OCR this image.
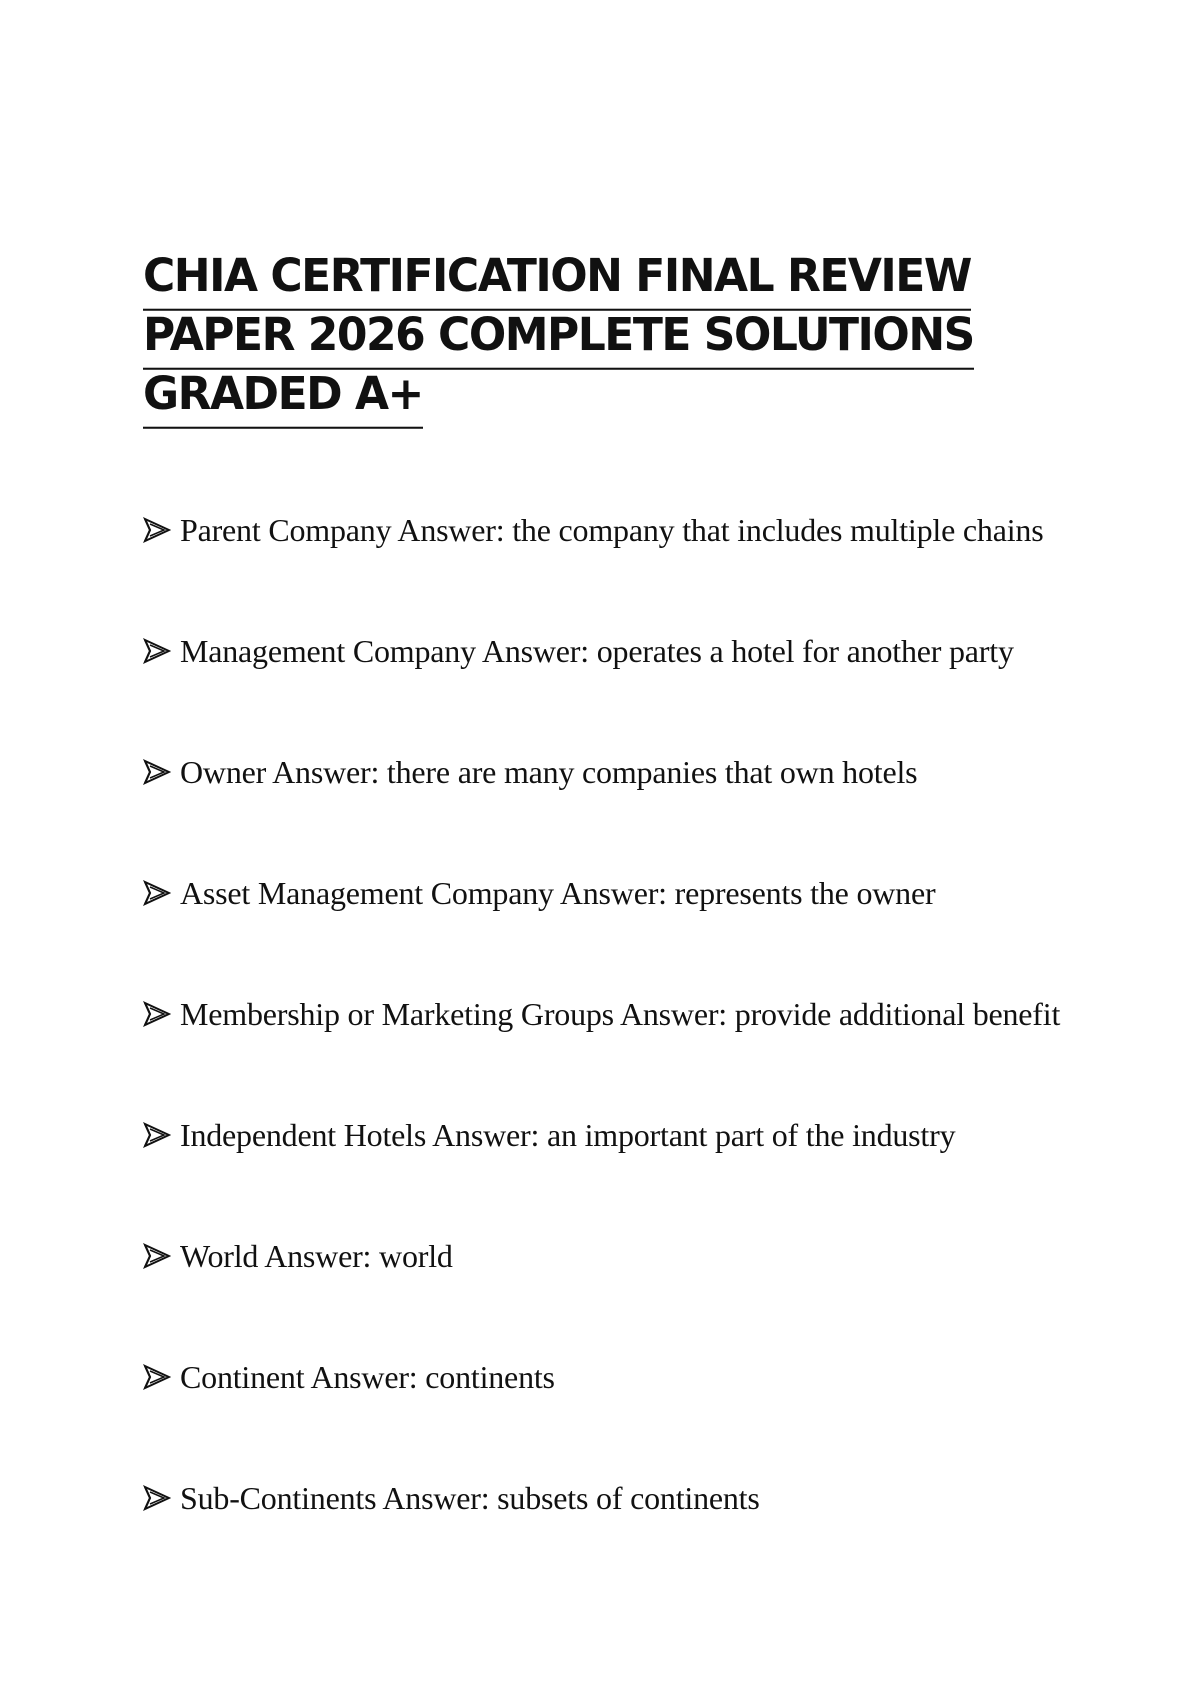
CHIA CERTIFICATION FINAL REVIEW
PAPER 2026 COMPLETE SOLUTIONS
GRADED A+
Parent Company Answer: the company that includes multiple chains
Management Company Answer: operates a hotel for another party
Owner Answer: there are many companies that own hotels
Asset Management Company Answer: represents the owner
Membership or Marketing Groups Answer: provide additional benefit
Independent Hotels Answer: an important part of the industry
World Answer: world
Continent Answer: continents
Sub-Continents Answer: subsets of continents
